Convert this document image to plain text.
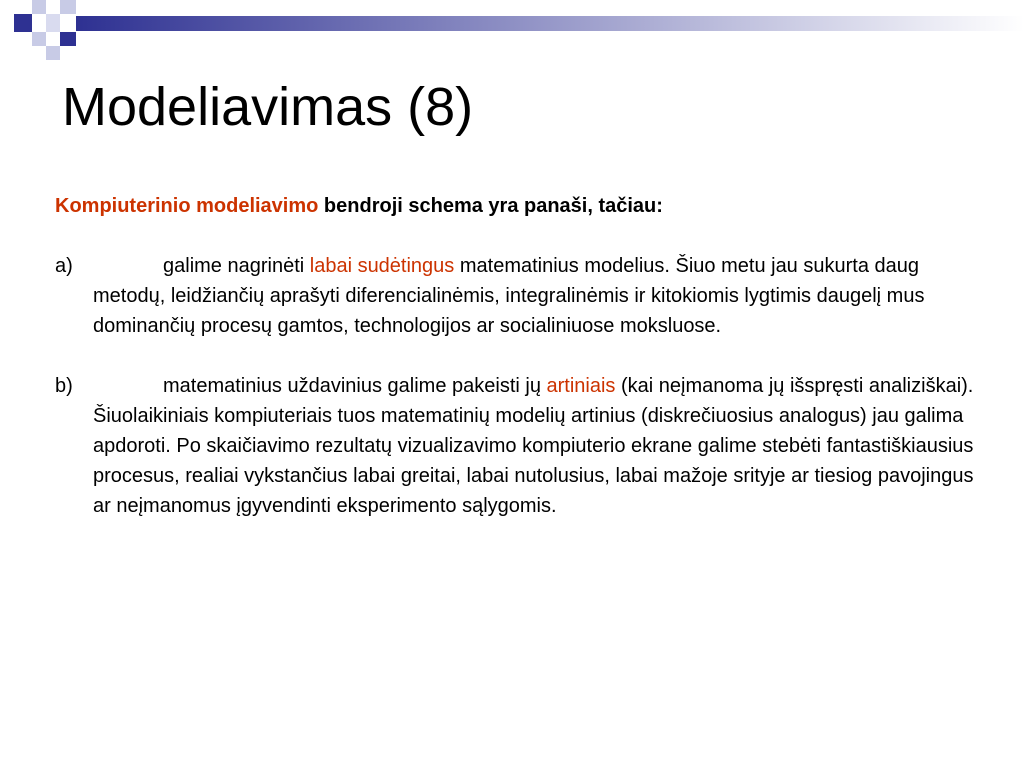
Modeliavimas (8)

Kompiuterinio modeliavimo bendroji schema yra panaši, tačiau:

a)	galime nagrinėti labai sudėtingus matematinius modelius. Šiuo metu jau sukurta daug metodų, leidžiančių aprašyti diferencialinėmis, integralinėmis ir kitokiomis lygtimis daugelį mus dominančių procesų gamtos, technologijos ar socialiniuose moksluose.

b)	matematinius uždavinius galime pakeisti jų artiniais (kai neįmanoma jų išspręsti analiziškai). Šiuolaikiniais kompiuteriais tuos matematinių modelių artinius (diskrečiuosius analogus) jau galima apdoroti. Po skaičiavimo rezultatų vizualizavimo kompiuterio ekrane galime stebėti fantastiškiausius procesus, realiai vykstančius labai greitai, labai nutolusius, labai mažoje srityje ar tiesiog pavojingus ar neįmanomus įgyvendinti eksperimento sąlygomis.
